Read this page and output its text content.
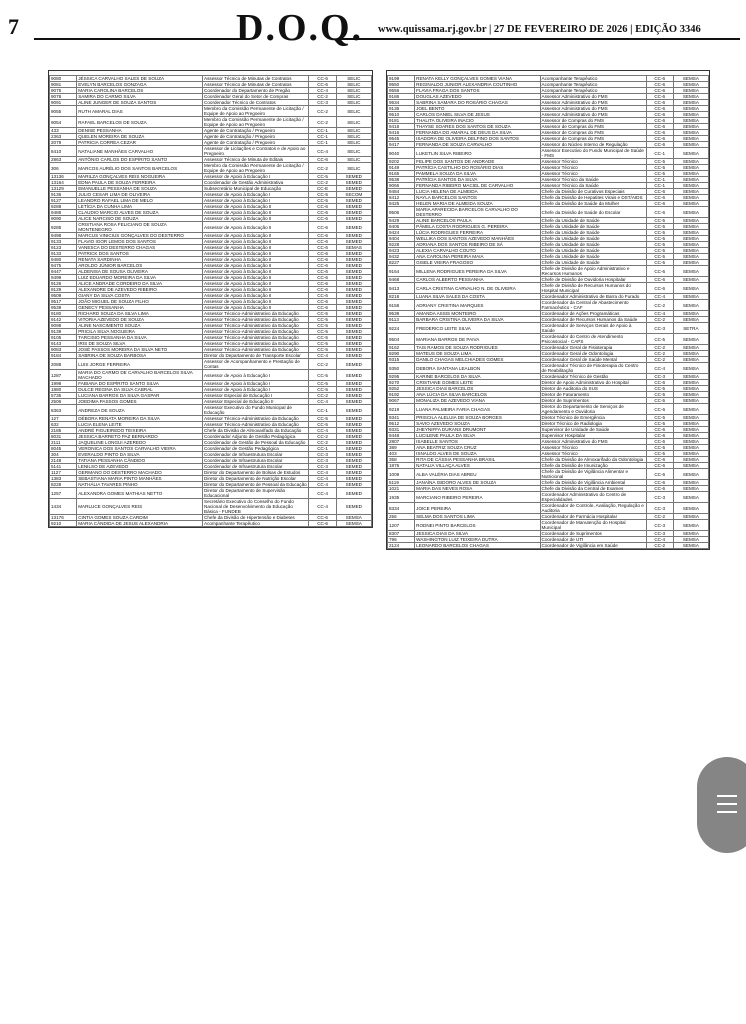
7	D.O.Q. www.quissama.rj.gov.br | 27 DE FEVEREIRO DE 2026 | EDIÇÃO 3346
9080	JÉSSICA CARVALHO SALES DE SOUZA	Assessor Técnico de Minutas de Contratos	CC-6	SELIC
9081	EVELYN BARCELOS GONZAGA	Assessor Técnico de Minutas de Contratos	CC-6	SELIC
9075	MARIA CAROLINA BARCELOS	Coordenador do Departamento de Pregão	CC-4	SELIC
9078	SAMIRA DO CARMO SILVA	Coordenador Geral do Setor de Compras	CC-2	SELIC
9091	ALINE JUNGER DE SOUZA SANTOS	Coordenador Técnico de Contratos	CC-3	SELIC
9055	RUTH AMARAL DIAS	Membro da Comissão Permanente de Licitação / Equipe de Apoio ao Pregoeiro	CC-2	SELIC
9054	RAFAEL BARCELOS DE SOUZA	Membro da Comissão Permanente de Licitação / Equipe de Apoio ao Pregoeiro	CC-2	SELIC
433	DENISE PESSANHA	Agente de Contratação / Pregoeiro	CC-1	SELIC
2363	QUELEN MOREIRA DE SOUZA	Agente de Contratação / Pregoeiro	CC-1	SELIC
2079	PATRICIA CORREA CEZAR	Agente de Contratação / Pregoeiro	CC-1	SELIC
8410	NATALIANE MANHÃES CARVALHO	Assessor de Licitações e Contratos e de Apoio ao Pregoeiro	CC-4	SELIC
2863	ANTÔNIO CARLOS DO ESPÍRITO SANTO	Assessor Técnico de Minuta de Editais	CC-6	SELIC
306	MARCOS AURÉLIO DOS SANTOS BARCELOS	Membro da Comissão Permanente de Licitação / Equipe de Apoio ao Pregoeiro	CC-2	SELIC
13136	MARILZA GONÇALVES REIS NOGUEIRA	Assessor de Apoio à Educação I	CC-5	SEMED
13164	EDNA PAULA DE SOUZA FERREIRA	Coordenador de Gestão Administrativa	CC-2	SEMED
13129	EMANUELLE PESSANHA DE SOUZA	Subsecretário Municipal de Educação	CC-E	SEMED
9136	JULIO CESAR LIMA DE OLIVEIRA	Assessor de Apoio à Educação I	CC-5	SECOM
9127	LEANDRO RAFAEL LIMA DE MELO	Assessor de Apoio à Educação I	CC-5	SEMED
9288	LETÍCIA DA CUNHA LIMA	Assessor de Apoio à Educação II	CC-6	SEMED
9486	CLAUDIO MARCIO ALVES DE SOUZA	Assessor de Apoio à Educação II	CC-6	SEMED
9090	ALICE NARCISO DE SOUZA	Assessor de Apoio à Educação II	CC-6	SEMED
9285	CRISTIANA ROSA FELICIANO DE SOUZA MONTENEGRO	Assessor de Apoio à Educação II	CC-6	SEMED
9498	MARCUS VINICIUS GONÇALVES DO DESTERRO	Assessor de Apoio à Educação II	CC-6	SEMED
9133	FLAVIO IGOR LEMOS DOS SANTOS	Assessor de Apoio à Educação II	CC-6	SEMED
9123	VANESCA DO DESTERRO CHAGAS	Assessor de Apoio à Educação II	CC-6	SEMAS
9133	PATRICK DOS SANTOS	Assessor de Apoio à Educação II	CC-6	SEMED
9480	RENATA SARDINHA	Assessor de Apoio à Educação II	CC-6	SEMED
9475	AROLDO JÚNIOR BARCELOS	Assessor de Apoio à Educação II	CC-6	SEMED
9447	ALDENISA DE SOUSA OLIVEIRA	Assessor de Apoio à Educação II	CC-6	SEMED
9499	LUIZ EDUARDO MOREIRA DA SILVA	Assessor de Apoio à Educação II	CC-6	SEMED
9126	ALICE ANDRADE CORDEIRO DA SILVA	Assessor de Apoio à Educação II	CC-6	SEMED
9129	ALEXANDRE DE AZEVEDO RIBEIRO	Assessor de Apoio à Educação II	CC-6	SEMED
9509	GIANY DA SILVA COSTA	Assessor de Apoio à Educação II	CC-6	SEMED
9517	JOÃO MIGUEL DE SOUZA FILHO	Assessor de Apoio à Educação II	CC-6	SEMED
9539	GENECY PESSANHA	Assessor de Apoio à Educação II	CC-6	SEMED
9180	RICHARD SOUZA DA SILVA LIMA	Assessor Técnico-Administrativo da Educação	CC-5	SEMED
9142	VITORIA AZEVEDO DE SOUZA	Assessor Técnico-Administrativo da Educação	CC-5	SEMED
9098	ALINE NASCIMENTO SOUZA	Assessor Técnico-Administrativo da Educação	CC-5	SEMED
9139	PRICILA SILVA NOGUEIRA	Assessor Técnico-Administrativo da Educação	CC-5	SEMED
9105	TARCISIO PESSANHA DA SILVA	Assessor Técnico-Administrativo da Educação	CC-5	SEMED
9143	IRIS DE SOUZA SILVA	Assessor Técnico-Administrativo da Educação	CC-5	SEMED
9083	JOSÉ PASSOS MOREIRA DA SILVA NETO	Assessor Técnico-Administrativo da Educação	CC-5	SEMED
9184	SABRINA DE SOUZA BARBOSA	Diretor do Departamento de Transporte Escolar	CC-4	SEMED
2088	LUIS JORGE FERREIRA	Assessor de Acompanhamento e Prestação de Contas	CC-2	SEMED
1287	MARIA DO CARMO DE CARVALHO BARCELOS SILVA MACHADO	Assessor de Apoio à Educação I	CC-5	SEMED
1998	FABIANA DO ESPÍRITO SANTO SILVA	Assessor de Apoio à Educação I	CC-5	SEMED
1880	DULCE REGINA DA SILVA CABRAL	Assessor de Apoio à Educação I	CC-5	SEMED
5735	LUCIANA BARROS DA SILVA GASPAR	Assessor Especial de Educação I	CC-2	SEMED
2506	JOEDIMA PASSOS GOMES	Assessor Especial de Educação II	CC-4	SEMED
8363	ANDREZA DE SOUZA	Assessor Executivo do Fundo Municipal de Educação	CC-1	SEMED
127	DÉBORA RENATA MOREIRA DA SILVA	Assessor Técnico-Administrativo da Educação	CC-5	SEMED
632	LUCIA ELENA LEITE	Assessor Técnico-Administrativo da Educação	CC-5	SEMED
2185	ANDRÉ FIGUEIREDO TEIXEIRA	Chefe da Divisão de Almoxarifado da Educação	CC-4	SEMED
8031	JESSICA BARRETO PAZ BERNARDO	Coordenador Adjunto de Gestão Pedagógica	CC-2	SEMED
2111	JAQUELINE LONGUI AZEREDO	Coordenador de Gestão de Pessoal da Educação	CC-2	SEMED
8045	VERONICA DOS SANTOS CARVALHO VIEIRA	Coordenador de Gestão Pedagógica	CC-1	SEMED
304	EVERALDO PINTO DA SILVA	Coordenador de Infraestrutura Escolar	CC-3	SEMED
2148	TATIANA PESSANHA CÂNDIDO	Coordenador de Infraestrutura Escolar	CC-3	SEMED
5141	LENILSO DE AZEVEDO	Coordenador de Infraestrutura Escolar	CC-3	SEMED
1127	GERMANO DO DESTERRO MACHADO	Diretor do Departamento de Bolsas de Estudos	CC-4	SEMED
1383	SEBASTIANA MARIA PINTO MANHÃES	Diretor do Departamento de Nutrição Escolar	CC-4	SEMED
8228	NATHÁLIA TAVARES PINHO	Diretor do Departamento de Pessoal da Educação	CC-4	SEMED
1257	ALEXANDRA GOMES MATHIAS NETTO	Diretor do Departamento de Supervisão Educacional	CC-4	SEMED
1434	MARLUCE GONÇALVES REIS	Secretário Executivo do Conselho do Fundo Nacional de Desenvolvimento da Educação Básica - FUNDEB	CC-4	SEMED
13176	CINTIA GOMES SOUZA CARDIM	Chefe da Divisão de Hipertensão e Diabetes	CC-6	SEMSA
9210	MARIA CÂNDIDA DE JESUS ALEXANDRIA	Acompanhante Terapêutico	CC-6	SEMSA
9199	RENATA KELLY GONÇALVES GOMES VIANA	Acompanhante Terapêutico	CC-6	SEMSA
9550	REGINALDO JUNIOR ALEXANDRIA COUTINHO	Acompanhante Terapêutico	CC-6	SEMSA
9556	FLAVIA FRAGA DOS SANTOS	Acompanhante Terapêutico	CC-6	SEMSA
9186	DOUGLAS AZEVEDO	Assessor Administrativo do FMS	CC-6	SEMSA
9534	SABRINA SAMARA DO ROSÁRIO CHAGAS	Assessor Administrativo do FMS	CC-6	SEMSA
9136	JOEL BENTO	Assessor Administrativo do FMS	CC-6	SEMSA
9510	CARLOS DANIEL SILVA DE JESUS	Assessor Administrativo do FMS	CC-6	SEMSA
9181	THALITA OLIVEIRA INACIO	Assessor de Compras do FMS	CC-6	SEMSA
9418	THAYSE SOARES DOS SANTOS DE SOUZA	Assessor de Compras do FMS	CC-6	SEMSA
9416	FERNANDA DO AMARAL DE DEUS DA SILVA	Assessor de Compras do FMS	CC-6	SEMSA
9545	ISADORA DE OLIVEIRA DELFINO DOS SANTOS	Assessor de Compras do FMS	CC-6	SEMSA
9417	FERNANDA DE SOUZA CARVALHO	Assessor do Núcleo Interno de Regulação	CC-6	SEMSA
9040	LUKETLIN SILVA RIBEIRO	Assessor Executivo do Fundo Municipal de Saúde - FMS	CC-1	SEMSA
9202	FELIPE DOS SANTOS DE ANDRADE	Assessor Técnico	CC-5	SEMSA
9149	PATRÍCIA CASTILHO DO ROSÁRIO DIAS	Assessor Técnico	CC-5	SEMSA
9165	PAMMELA SOUZA DA SILVA	Assessor Técnico	CC-5	SEMSA
9538	PATRÍCIA SANTOS DA SILVA	Assessor Técnico da Saúde	CC-1	SEMSA
9066	FERNANDA RIBEIRO MACIEL DE CARVALHO	Assessor Técnico da Saúde	CC-1	SEMSA
9484	LUCIA HELENA DE ALMEIDA	Chefe da Divisão de Curativos Especiais	CC-6	SEMSA
8412	NAYLA BARCELOS SANTOS	Chefe da Divisão de Hepatites Virais e DST/AIDS	CC-6	SEMSA
9425	HELEN MARIA DE ALMEIDA SOUZA	Chefe da Divisão de Saúde da Mulher	CC-6	SEMSA
9506	MARIA APARECIDA BARCELOS CARVALHO DO DESTERRO	Chefe da Divisão de Saúde do Escolar	CC-6	SEMSA
9429	ALINE BARCELOS PAULA	Chefe da Unidade de Saúde	CC-5	SEMSA
9406	PÂMELA COSTA RODRIGUES G. PEREIRA	Chefe da Unidade de Saúde	CC-5	SEMSA
9424	LÚCIA RODRIGUES FERREIRA	Chefe da Unidade de Saúde	CC-5	SEMSA
9404	WELLIKA DOS SANTOS AZEVEDO MANHÃES	Chefe da Unidade de Saúde	CC-5	SEMSA
9228	ADRIANA DOS SANTOS RIBEIRO DE SÁ	Chefe da Unidade de Saúde	CC-5	SEMSA
9423	ALEXIA CARVALHO COUTO	Chefe da Unidade de Saúde	CC-5	SEMSA
9432	ANA CAROLINA PEREIRA MAIA	Chefe da Unidade de Saúde	CC-5	SEMSA
8227	GISELE VIEIRA FRAGOSO	Chefe da Unidade de Saúde	CC-5	SEMSA
9164	MILLENA RODRIGUES PEREIRA DA SILVA	Chefe de Divisão de Apoio Administrativo e Recursos Humanos	CC-6	SEMSA
9468	CARLOS ALBERTO PESSANHA	Chefe de Divisão de Ouvidoria Hospitalar	CC-6	SEMSA
9413	CARLA CRISTINA CARVALHO N. DE OLIVEIRA	Chefe de Divisão de Recursos Humanos do Hospital Municipal	CC-6	SEMSA
8218	LUANA SILVA SALES DA COSTA	Coordenador Administrativo de Barra do Furado	CC-4	SEMSA
9158	ADRIANY CRISTINA MARQUES	Coordenador da Central de Abastecimento Farmacêutico - CAF	CC-2	SEMSA
9539	AMANDA ASSIS MONTEIRO	Coordenador de Ações Programáticas	CC-4	SEMSA
9113	BARBARA CRISTINA OLIVEIRA DA SILVA	Coordenador de Recursos Humanos da Saúde	CC-2	SEMSA
9224	FREDERICO LEITE SILVA	Coordenador de Serviços Gerais de Apoio à Saúde	CC-3	SETRA
9504	MARIANA BARROS DE PAIVA	Coordenador do Centro de Atendimento Psicossocial - CAPS	CC-5	SEMSA
9162	TAIS RAMOS DE SOUZA RODRIGUES	Coordenador Geral de Fisioterapia	CC-2	SEMSA
9290	MATEUS DE SOUZA LIMA	Coordenador Geral de Odontologia	CC-2	SEMSA
9315	DANILO CHAGAS MELCHIADES GOMES	Coordenador Geral de Saúde Mental	CC-2	SEMSA
9350	DEBORA SANTANA LEALBON	Coordenador Técnico de Fisioterapia do Centro de Reabilitação	CC-4	SEMSA
9295	KARINE BARCELOS DA SILVA	Coordenador Técnico de Gestão	CC-3	SEMSA
9270	CRISTIANE GOMES LEITE	Diretor de Apoio Administrativo do Hospital	CC-6	SEMSA
9252	JESSICA DIAS BARCELOS	Diretor de Auditoria do SUS	CC-5	SEMSA
9192	ANA LÚCIA DA SILVA BARCELOS	Diretor de Faturamento	CC-5	SEMSA
9067	MONALIZA DE AZEVEDO VIANA	Diretor de Suprimentos	CC-5	SEMSA
9219	LUANA PALMEIRA FARIA CHAGAS	Diretor do Departamento de Serviços de Agendamento e Ouvidoria	CC-6	SEMSA
9341	PRISCILA ALELUIA DE SOUZA BORGES	Diretor Técnico de Emergência	CC-5	SEMSA
9512	SAVIO AZEVEDO SOUZA	Diretor Técnico de Radiologia	CC-5	SEMSA
9331	JHEYNIFFA DURANS DRUMONT	Supervisor de Unidade de Saúde	CC-6	SEMSA
9446	LUCILENE PAULA DA SILVA	Supervisor Hospitalar	CC-6	SEMSA
2807	ISABELLE SANTOS	Assessor Administrativo do FMS	CC-6	SEMSA
389	ANA BEATRIZ SOUZA CRUZ	Assessor Técnico	CC-5	SEMSA
403	ISNALDO ALVES DE SOUZA	Assessor Técnico	CC-5	SEMSA
358	RITA DE CÁSSIA PESSANHA BRASIL	Chefe da Divisão de Almoxarifado da Odontologia	CC-6	SEMSA
1876	NATALIA VILLAÇA ALVES	Chefe da Divisão de Imunização	CC-6	SEMSA
1009	ALBA VALÉRIA DIAS ABREU	Chefe da Divisão de Vigilância Alimentar e Nutricional	CC-6	SEMSA
5119	JANAÍNA ISIDORO ALVES DE SOUZA	Chefe da Divisão de Vigilância Ambiental	CC-6	SEMSA
1021	MARIA DAS NEVES ROSA	Chefe da Divisão da Central de Exames	CC-6	SEMSA
1935	MARCIANO RIBEIRO PEREIRA	Coordenador Administrativo do Centro de Especialidades	CC-3	SEMSA
8334	JOICE PEREIRA	Coordenador de Controle, Avaliação, Regulação e Auditoria	CC-3	SEMSA
256	SELMA DOS SANTOS LIMA	Coordenador de Farmácia Hospitalar	CC-2	SEMSA
1207	RODNEI PINTO BARCELOS	Coordenador de Manutenção do Hospital Municipal	CC-3	SEMSA
8307	JESSICA DIAS DA SILVA	Coordenador de Suprimentos	CC-3	SEMSA
796	WASHINGTON LUIZ TEIXEIRA DUTRA	Coordenador de UTI	CC-4	SEMSA
2124	LEONARDO BARCELOS CHAGAS	Coordenador de Vigilância em Saúde	CC-2	SEMSA
